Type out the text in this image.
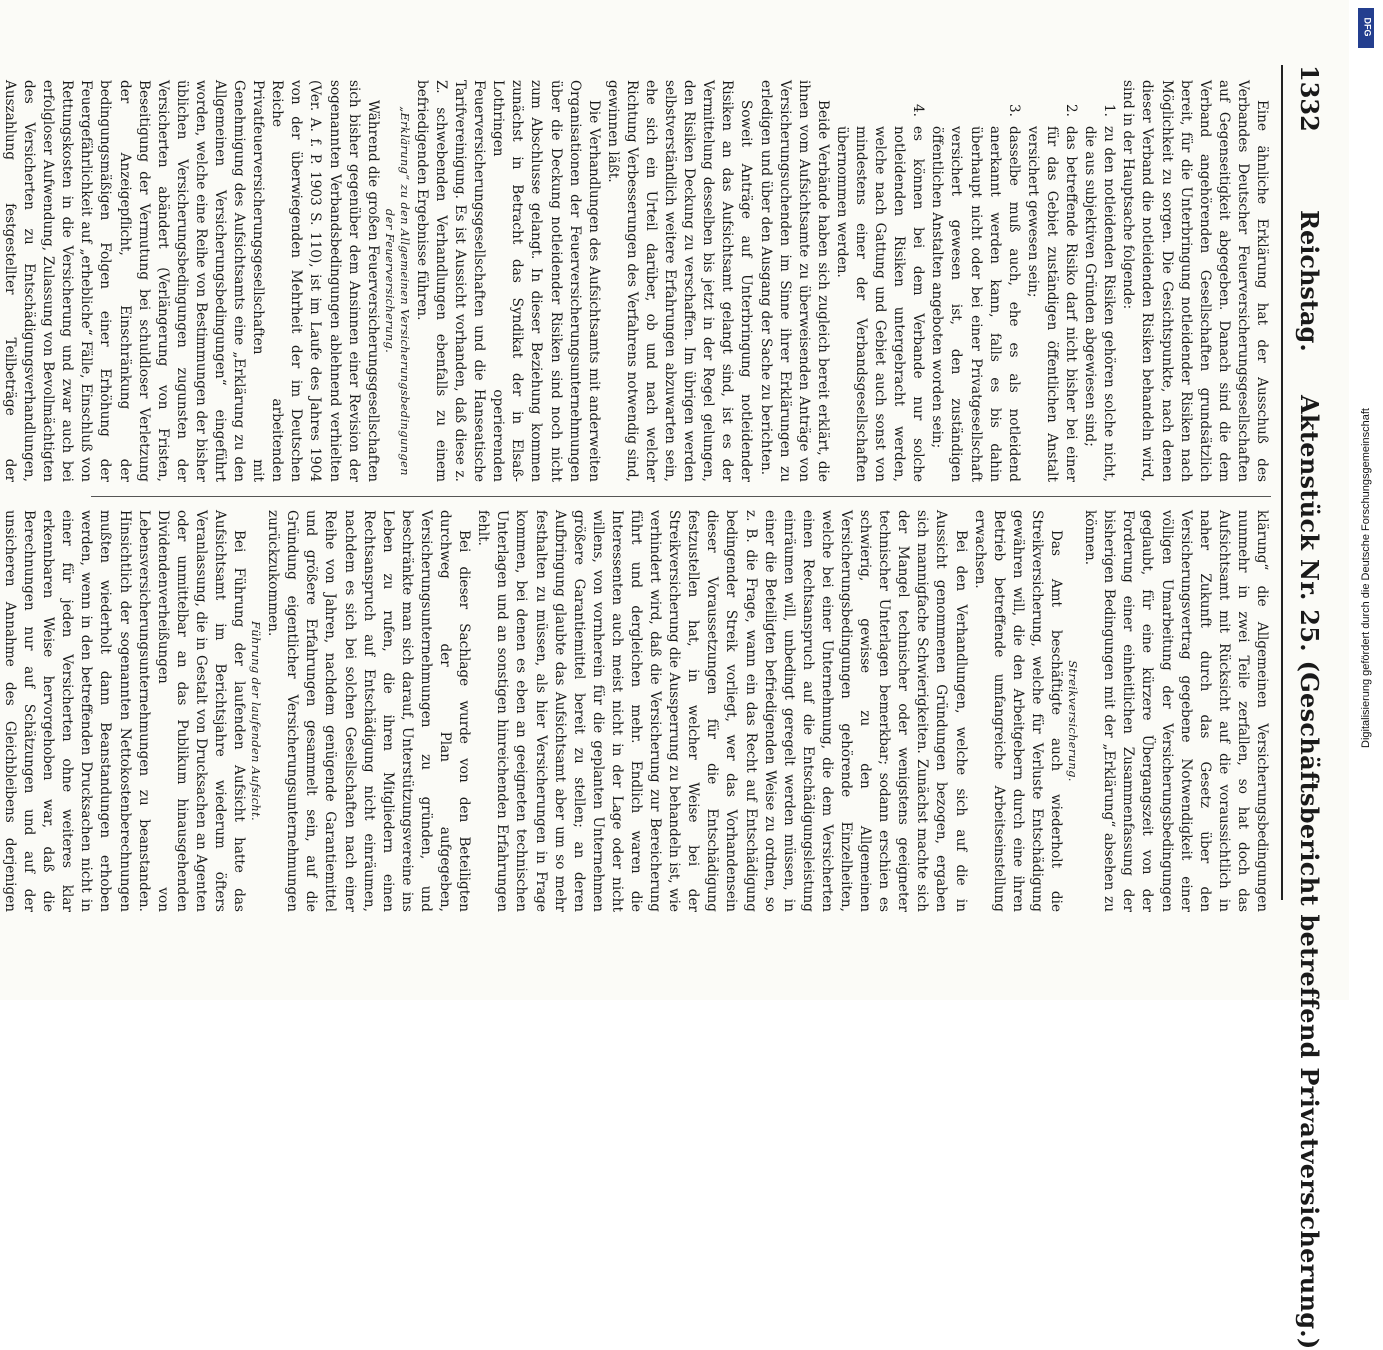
1332
Reichstag.
Aktenstück Nr. 25. (Geschäftsbericht betreffend Privatversicherung.)

Eine ähnliche Erklärung hat der Ausschuß des Verbandes Deutscher Feuerversicherungsgesellschaften auf Gegenseitigkeit abgegeben. Danach sind die dem Verband angehörenden Gesellschaften grundsätzlich bereit, für die Unterbringung notleidender Risiken nach Möglichkeit zu sorgen. Die Gesichtspunkte, nach denen dieser Verband die notleidenden Risiken behandeln wird, sind in der Hauptsache folgende:

1.
zu den notleidenden Risiken gehören solche nicht, die aus subjektiven Gründen abgewiesen sind;
2.
das betreffende Risiko darf nicht bisher bei einer für das Gebiet zuständigen öffentlichen Anstalt versichert gewesen sein;
3.
dasselbe muß auch, ehe es als notleidend anerkannt werden kann, falls es bis dahin überhaupt nicht oder bei einer Privatgesellschaft versichert gewesen ist, den zuständigen öffentlichen Anstalten angeboten worden sein;
4.
es können bei dem Verbande nur solche notleidenden Risiken untergebracht werden, welche nach Gattung und Gebiet auch sonst von mindestens einer der Verbandsgesellschaften übernommen werden.

Beide Verbände haben sich zugleich bereit erklärt, die ihnen vom Aufsichtsamte zu überweisenden Anträge von Versicherungsuchenden im Sinne ihrer Erklärungen zu erledigen und über den Ausgang der Sache zu berichten.

Soweit Anträge auf Unterbringung notleidender Risiken an das Aufsichtsamt gelangt sind, ist es der Vermittelung desselben bis jetzt in der Regel gelungen, den Risiken Deckung zu verschaffen. Im übrigen werden selbstverständlich weitere Erfahrungen abzuwarten sein, ehe sich ein Urteil darüber, ob und nach welcher Richtung Verbesserungen des Verfahrens notwendig sind, gewinnen läßt.

Die Verhandlungen des Aufsichtsamts mit anderweiten Organisationen der Feuerversicherungsunternehmungen über die Deckung notleidender Risiken sind noch nicht zum Abschlusse gelangt. In dieser Beziehung kommen zunächst in Betracht das Syndikat der in Elsaß-Lothringen operierenden Feuerversicherungsgesellschaften und die Hanseatische Tarifvereinigung. Es ist Aussicht vorhanden, daß diese z. Z. schwebenden Verhandlungen ebenfalls zu einem befriedigenden Ergebnisse führen.

„Erklärung“ zu den Allgemeinen Versicherungsbedingungen der Feuerversicherung.

Während die großen Feuerversicherungsgesellschaften sich bisher gegenüber dem Ansinnen einer Revision der sogenannten Verbandsbedingungen ablehnend verhielten (Ver. A. f. P. 1903 S. 110), ist im Laufe des Jahres 1904 von der überwiegenden Mehrheit der im Deutschen Reiche arbeitenden Privatfeuerversicherungsgesellschaften mit Genehmigung des Aufsichtsamts eine „Erklärung zu den Allgemeinen Versicherungsbedingungen“ eingeführt worden, welche eine Reihe von Bestimmungen der bisher üblichen Versicherungsbedingungen zugunsten der Versicherten abändert (Verlängerung von Fristen, Beseitigung der Vermutung bei schuldloser Verletzung der Anzeigepflicht, Einschränkung der bedingungsmäßigen Folgen einer Erhöhung der Feuergefährlichkeit auf „erhebliche“ Fälle, Einschluß von Rettungskosten in die Versicherung und zwar auch bei erfolgloser Aufwendung, Zulassung von Bevollmächtigten des Versicherten zu Entschädigungsverhandlungen, Auszahlung festgestellter Teilbeträge der

klärung“ die Allgemeinen Versicherungsbedingungen nunmehr in zwei Teile zerfallen, so hat doch das Aufsichtsamt mit Rücksicht auf die voraussichtlich in naher Zukunft durch das Gesetz über den Versicherungsvertrag gegebene Notwendigkeit einer völligen Umarbeitung der Versicherungsbedingungen geglaubt, für eine kürzere Übergangszeit von der Forderung einer einheitlichen Zusammenfassung der bisherigen Bedingungen mit der „Erklärung“ absehen zu können.

Streikversicherung.

Das Amt beschäftigte auch wiederholt die Streikversicherung, welche für Verluste Entschädigung gewähren will, die den Arbeitgebern durch eine ihren Betrieb betreffende umfangreiche Arbeitseinstellung erwachsen.

Bei den Verhandlungen, welche sich auf die in Aussicht genommenen Gründungen bezogen, ergaben sich mannigfache Schwierigkeiten. Zunächst machte sich der Mangel technischer oder wenigstens geeigneter technischer Unterlagen bemerkbar; sodann erschien es schwierig, gewisse zu den Allgemeinen Versicherungsbedingungen gehörende Einzelheiten, welche bei einer Unternehmung, die dem Versicherten einen Rechtsanspruch auf die Entschädigungsleistung einräumen will, unbedingt geregelt werden müssen, in einer die Beteiligten befriedigenden Weise zu ordnen, so z. B. die Frage, wann ein das Recht auf Entschädigung bedingender Streik vorliegt, wer das Vorhandensein dieser Voraussetzungen für die Entschädigung festzustellen hat, in welcher Weise bei der Streikversicherung die Aussperrung zu behandeln ist, wie verhindert wird, daß die Versicherung zur Bereicherung führt und dergleichen mehr. Endlich waren die Interessenten auch meist nicht in der Lage oder nicht willens, von vornherein für die geplanten Unternehmen größere Garantiemittel bereit zu stellen; an deren Aufbringung glaubte das Aufsichtsamt aber um so mehr festhalten zu müssen, als hier Versicherungen in Frage kommen, bei denen es eben an geeigneten technischen Unterlagen und an sonstigen hinreichenden Erfahrungen fehlt.

Bei dieser Sachlage wurde von den Beteiligten durchweg der Plan aufgegeben, Versicherungsunternehmungen zu gründen, und beschränkte man sich darauf, Unterstützungsvereine ins Leben zu rufen, die ihren Mitgliedern einen Rechtsanspruch auf Entschädigung nicht einräumen, nachdem es sich bei solchen Gesellschaften nach einer Reihe von Jahren, nachdem genügende Garantiemittel und größere Erfahrungen gesammelt sein, auf die Gründung eigentlicher Versicherungsunternehmungen zurückzukommen.

Führung der laufenden Aufsicht.

Bei Führung der laufenden Aufsicht hatte das Aufsichtsamt im Berichtsjahre wiederum öfters Veranlassung, die in Gestalt von Drucksachen an Agenten oder unmittelbar an das Publikum hinausgehenden Dividendenverheißungen von Lebensversicherungsunternehmungen zu beanstanden. Hinsichtlich der sogenannten Nettokostenberechnungen mußten wiederholt dann Beanstandungen erhoben werden, wenn in den betreffenden Drucksachen nicht in einer für jeden Versicherten ohne weiteres klar erkennbaren Weise hervorgehoben war, daß die Berechnungen nur auf Schätzungen und auf der unsicheren Annahme des Gleichbleibens derjenigen

DFG
Digitalisierung gefördert durch die Deutsche Forschungsgemeinschaft
